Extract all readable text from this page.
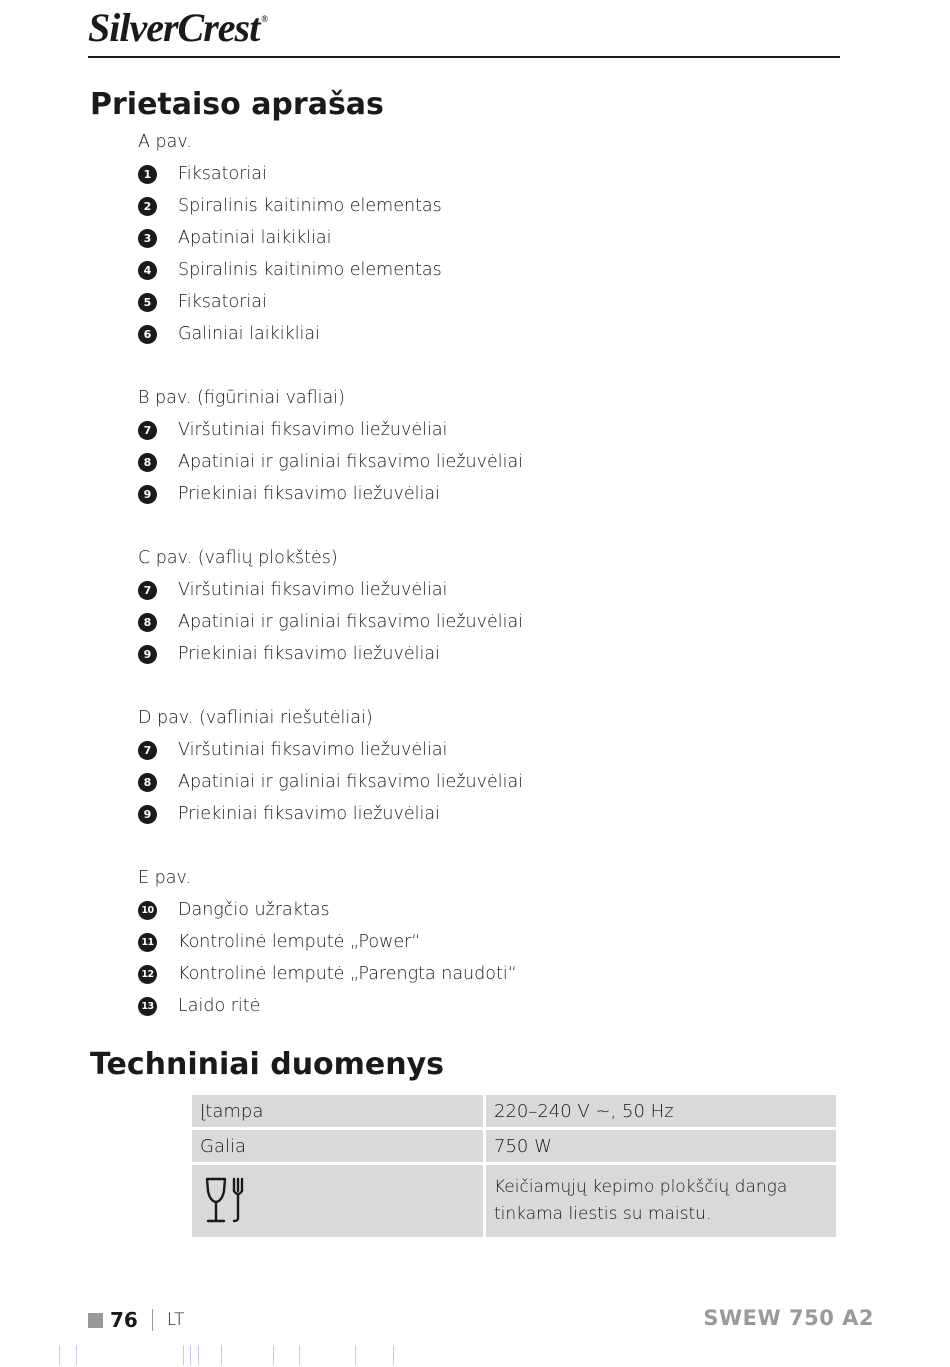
SilverCrest ®
Prietaiso aprašas
A pav.
1	Fiksatoriai
2	Spiralinis kaitinimo elementas
3	Apatiniai laikikliai
4	Spiralinis kaitinimo elementas
5	Fiksatoriai
6	Galiniai laikikliai
B pav. (figūriniai vafliai)
7	Viršutiniai fiksavimo liežuvėliai
8	Apatiniai ir galiniai fiksavimo liežuvėliai
9	Priekiniai fiksavimo liežuvėliai
C pav. (vaflių plokštės)
7	Viršutiniai fiksavimo liežuvėliai
8	Apatiniai ir galiniai fiksavimo liežuvėliai
9	Priekiniai fiksavimo liežuvėliai
D pav. (vafliniai riešutėliai)
7	Viršutiniai fiksavimo liežuvėliai
8	Apatiniai ir galiniai fiksavimo liežuvėliai
9	Priekiniai fiksavimo liežuvėliai
E pav.
10 Dangčio užraktas
11 Kontrolinė lemputė „Power“
12 Kontrolinė lemputė „Parengta naudoti“
13 Laido ritė
Techniniai duomenys
Įtampa	220–240 V ~, 50 Hz
Galia	750 W

	Keičiamųjų kepimo plokščių danga
tinkama liestis su maistu.
76 LT	SWEW 750 A2
